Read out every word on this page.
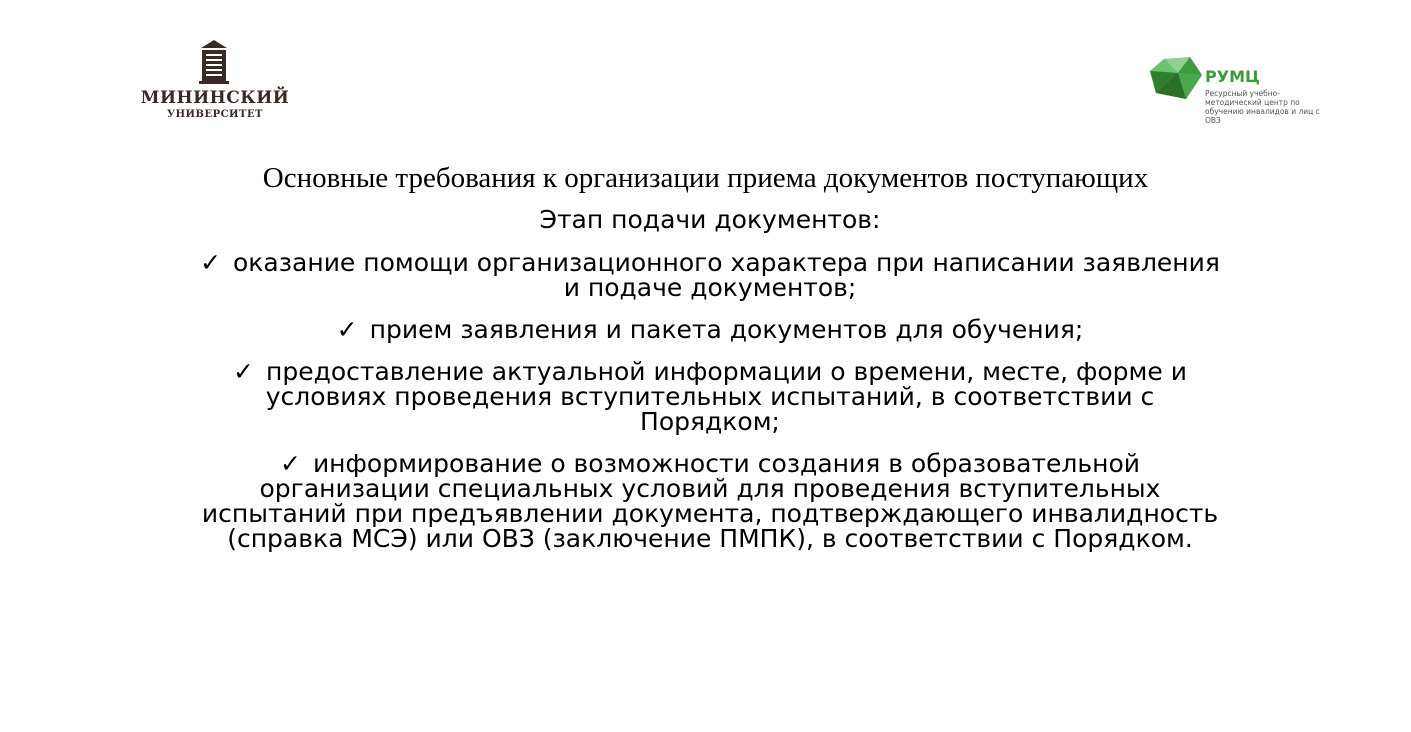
МИНИНСКИЙ
УНИВЕРСИТЕТ
РУМЦ
Ресурсный учебно-методический центр по обучению инвалидов и лиц с ОВЗ
Основные требования к организации приема документов поступающих
Этап подачи документов:
✓ оказание помощи организационного характера при написании заявления и подаче документов;
✓ прием заявления и пакета документов для обучения;
✓ предоставление актуальной информации о времени, месте, форме и условиях проведения вступительных испытаний, в соответствии с Порядком;
✓ информирование о возможности создания в образовательной организации специальных условий для проведения вступительных испытаний при предъявлении документа, подтверждающего инвалидность (справка МСЭ) или ОВЗ (заключение ПМПК), в соответствии с Порядком.
